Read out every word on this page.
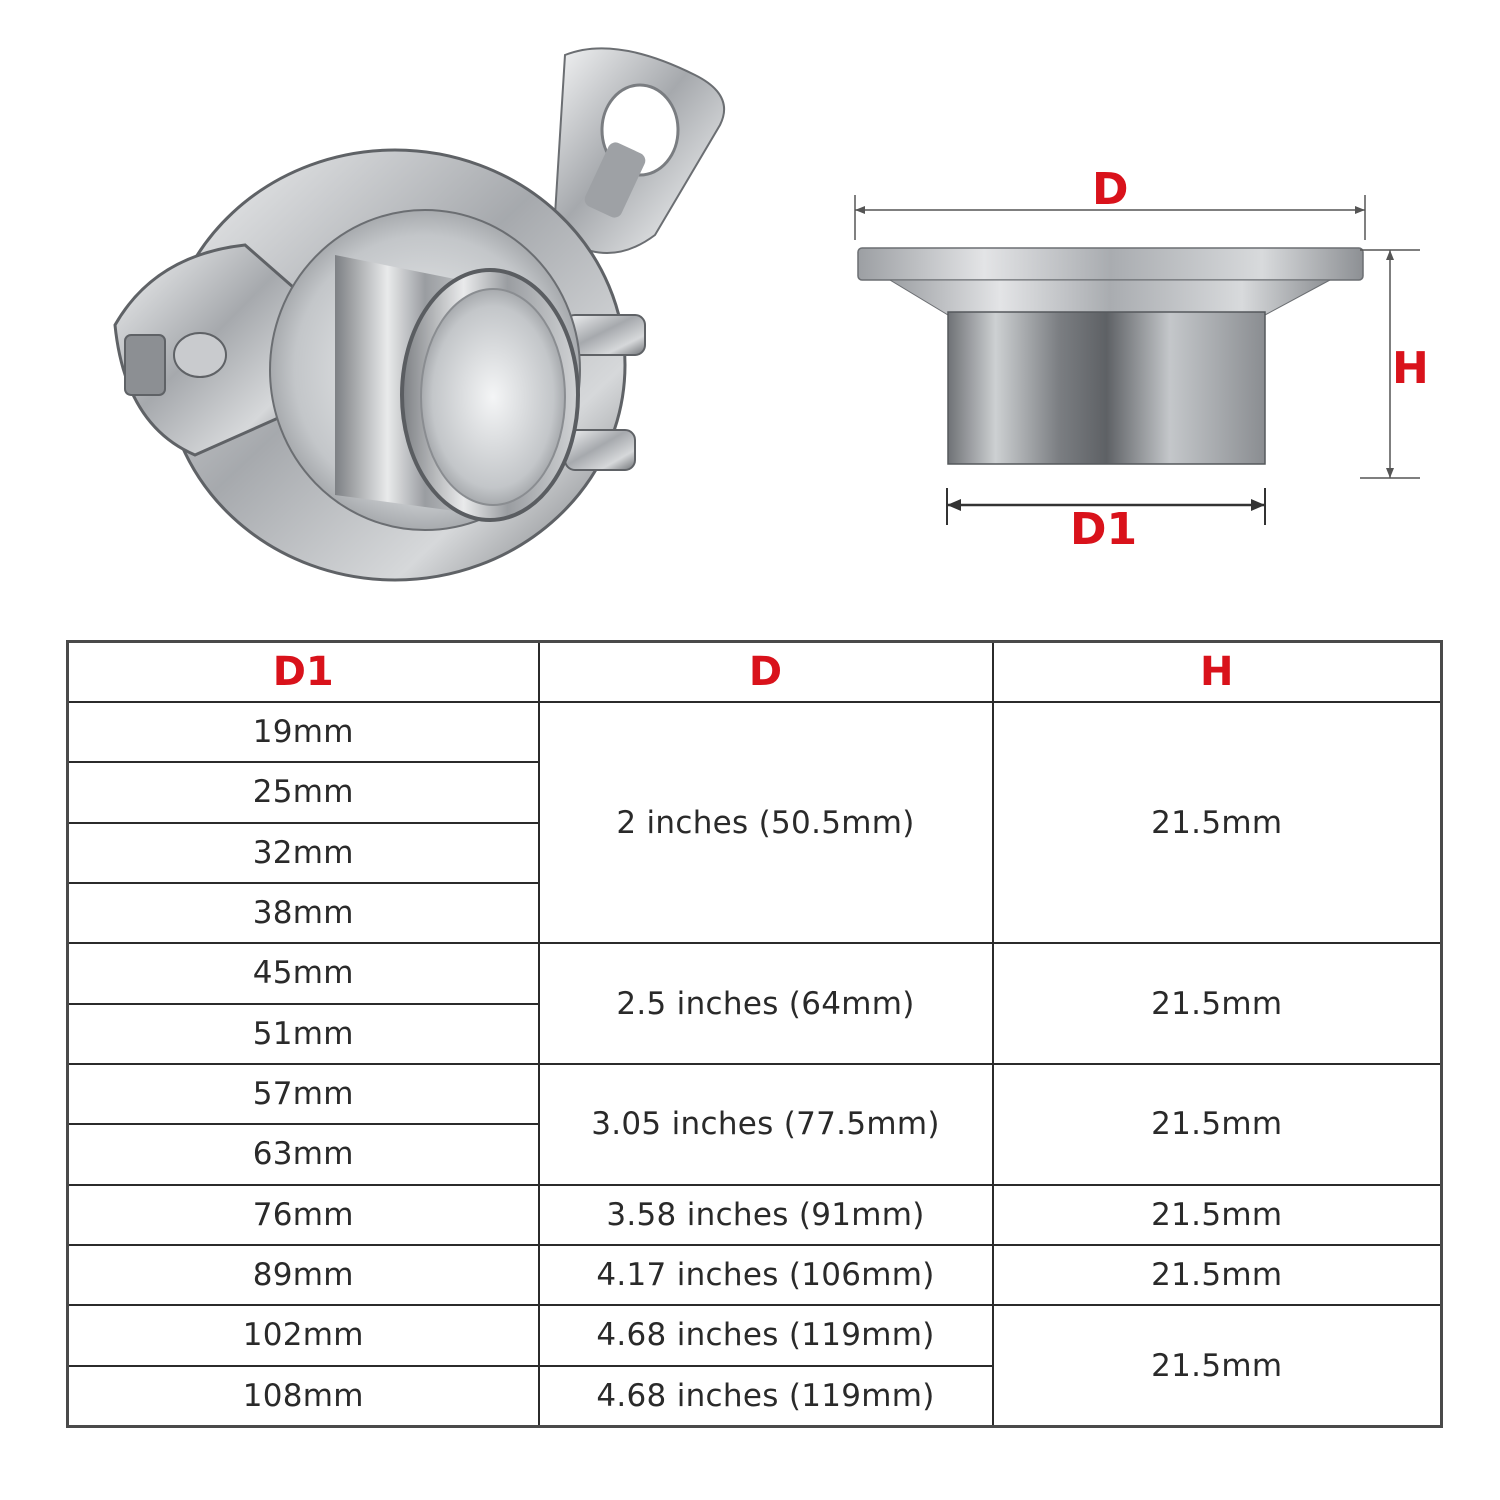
D
H
D1
D1	D	H
19mm	2 inches (50.5mm)	21.5mm
25mm		
32mm		
38mm		
45mm	2.5 inches (64mm)	21.5mm
51mm		
57mm	3.05 inches (77.5mm)	21.5mm
63mm		
76mm	3.58 inches (91mm)	21.5mm
89mm	4.17 inches (106mm)	21.5mm
102mm	4.68 inches (119mm)	21.5mm
108mm	4.68 inches (119mm)	
